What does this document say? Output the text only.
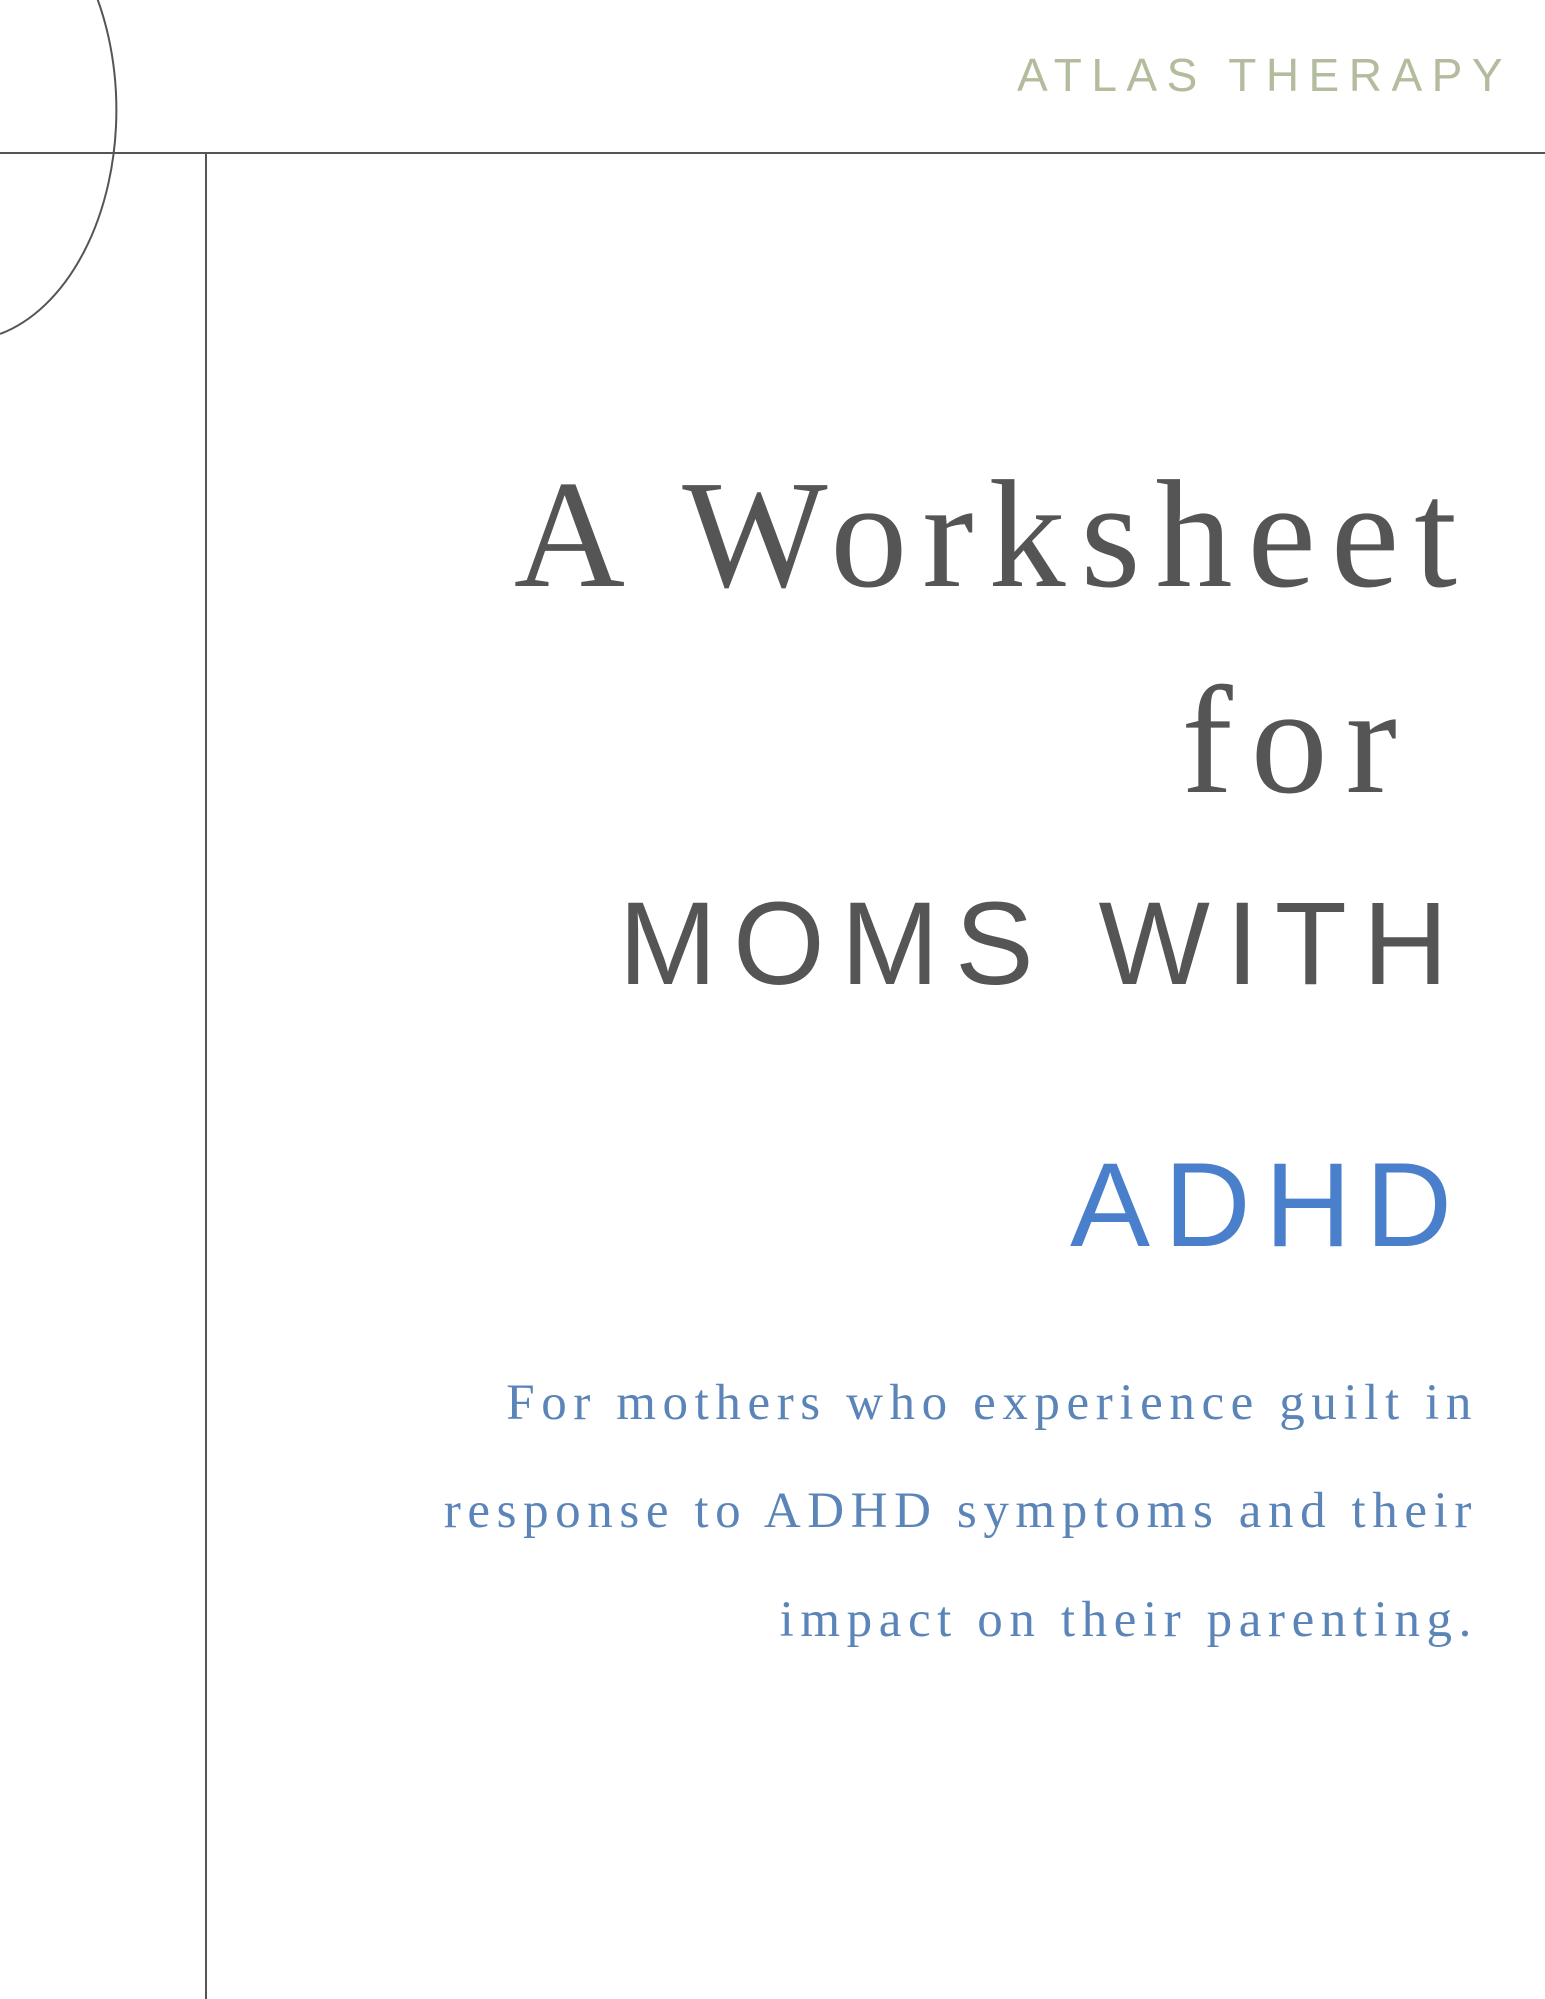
ATLAS THERAPY
A Worksheet
for
MOMS WITH
ADHD
For mothers who experience guilt in
response to ADHD symptoms and their
impact on their parenting.
